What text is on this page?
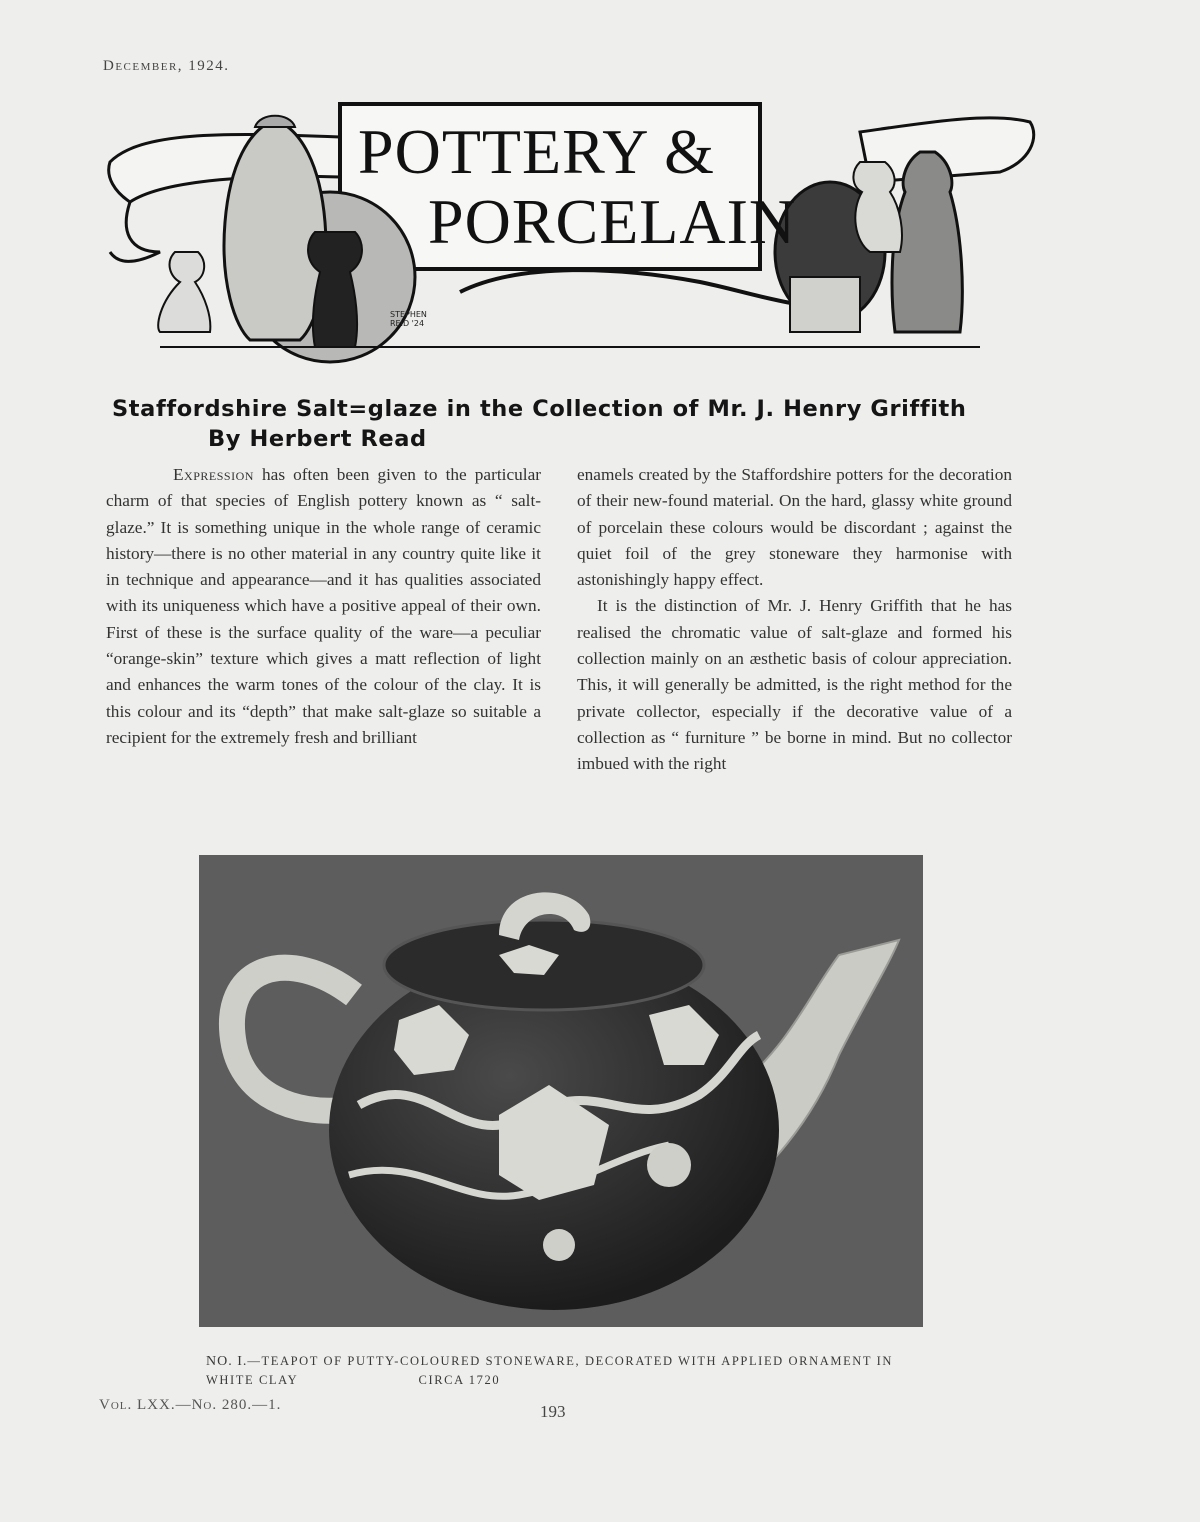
December, 1924.
POTTERY &
PORCELAIN
STEPHEN REID '24
Staffordshire Salt=glaze in the Collection of Mr. J. Henry Griffith By Herbert Read

Expression has often been given to the particular charm of that species of English pottery known as “ salt-glaze.” It is something unique in the whole range of ceramic history—there is no other material in any country quite like it in technique and appearance—and it has qualities associated with its uniqueness which have a positive appeal of their own. First of these is the surface quality of the ware—a peculiar “orange-skin” texture which gives a matt reflection of light and enhances the warm tones of the colour of the clay. It is this colour and its “depth” that make salt-glaze so suitable a recipient for the extremely fresh and brilliant

enamels created by the Staffordshire potters for the decoration of their new-found material. On the hard, glassy white ground of porcelain these colours would be discordant ; against the quiet foil of the grey stoneware they harmonise with astonishingly happy effect.

It is the distinction of Mr. J. Henry Griffith that he has realised the chromatic value of salt-glaze and formed his collection mainly on an æsthetic basis of colour appreciation. This, it will generally be admitted, is the right method for the private collector, especially if the decorative value of a collection as “ furniture ” be borne in mind. But no collector imbued with the right

NO. I.—TEAPOT OF PUTTY-COLOURED STONEWARE, DECORATED WITH APPLIED ORNAMENT IN WHITE CLAY	CIRCA 1720
Vol. LXX.—No. 280.—1.	193
